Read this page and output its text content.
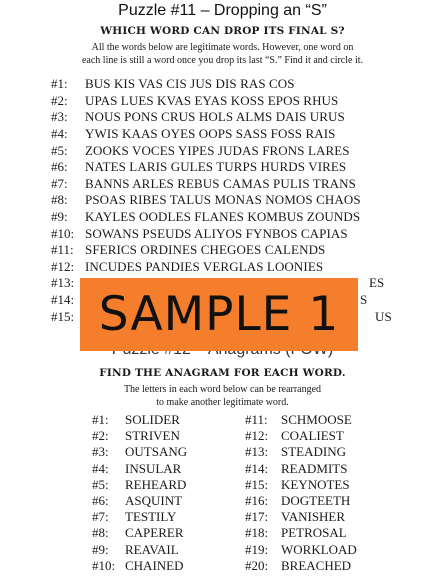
Puzzle #11 – Dropping an “S”
WHICH WORD CAN DROP ITS FINAL S?
All the words below are legitimate words. However, one word on
each line is still a word once you drop its last “S.” Find it and circle it.
#1:	BUS KIS VAS CIS JUS DIS RAS COS
#2:	UPAS LUES KVAS EYAS KOSS EPOS RHUS
#3:	NOUS PONS CRUS HOLS ALMS DAIS URUS
#4:	YWIS KAAS OYES OOPS SASS FOSS RAIS
#5:	ZOOKS VOCES YIPES JUDAS FRONS LARES
#6:	NATES LARIS GULES TURPS HURDS VIRES
#7:	BANNS ARLES REBUS CAMAS PULIS TRANS
#8:	PSOAS RIBES TALUS MONAS NOMOS CHAOS
#9:	KAYLES OODLES FLANES KOMBUS ZOUNDS
#10: SOWANS PSEUDS ALIYOS FYNBOS CAPIAS
#11: SFERICS ORDINES CHEGOES CALENDS
#12: INCUDES PANDIES VERGLAS LOONIES
#13:	ES
#14:	S
#15:	US
FIND THE ANAGRAM FOR EACH WORD.
The letters in each word below can be rearranged
to make another legitimate word.
#1:	SOLIDER
#2:	STRIVEN
#3:	OUTSANG
#4:	INSULAR
#5:	REHEARD
#6:	ASQUINT
#7:	TESTILY
#8:	CAPERER
#9:	REAVAIL
#10: CHAINED
#11:	SCHMOOSE
#12: COALIEST
#13: STEADING
#14: READMITS
#15: KEYNOTES
#16: DOGTEETH
#17: VANISHER
#18: PETROSAL
#19: WORKLOAD
#20: BREACHED
SAMPLE 1
